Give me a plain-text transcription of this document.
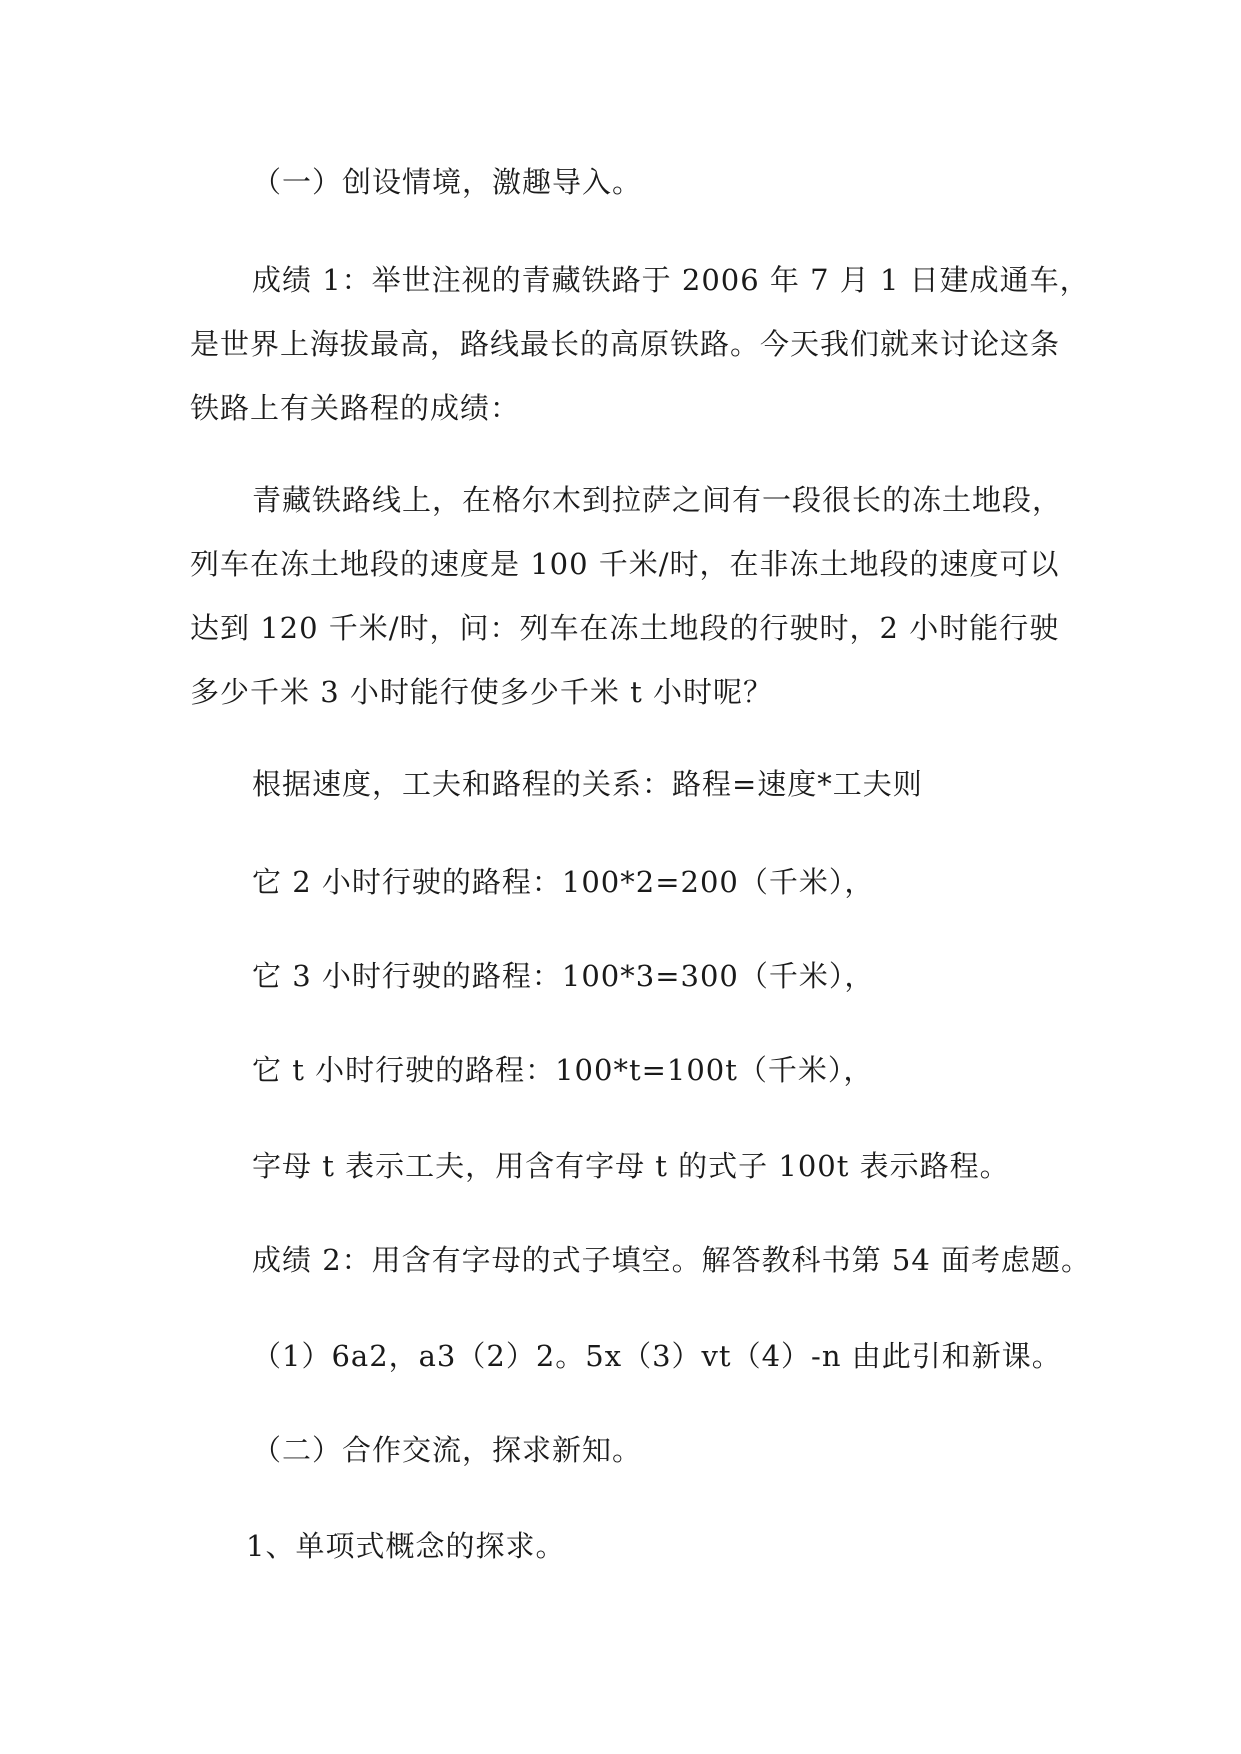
（一）创设情境，激趣导入。

成绩 1：举世注视的青藏铁路于 2006 年 7 月 1 日建成通车，
是世界上海拔最高，路线最长的高原铁路。今天我们就来讨论这条
铁路上有关路程的成绩：

青藏铁路线上，在格尔木到拉萨之间有一段很长的冻土地段，
列车在冻土地段的速度是 100 千米/时，在非冻土地段的速度可以
达到 120 千米/时，问：列车在冻土地段的行驶时，2 小时能行驶
多少千米 3 小时能行使多少千米 t 小时呢？

根据速度，工夫和路程的关系：路程=速度*工夫则

它 2 小时行驶的路程：100*2=200（千米），

它 3 小时行驶的路程：100*3=300（千米），

它 t 小时行驶的路程：100*t=100t（千米），

字母 t 表示工夫，用含有字母 t 的式子 100t 表示路程。

成绩 2：用含有字母的式子填空。解答教科书第 54 面考虑题。

（1）6a2，a3（2）2。5x（3）vt（4）-n 由此引和新课。

（二）合作交流，探求新知。

1、单项式概念的探求。
